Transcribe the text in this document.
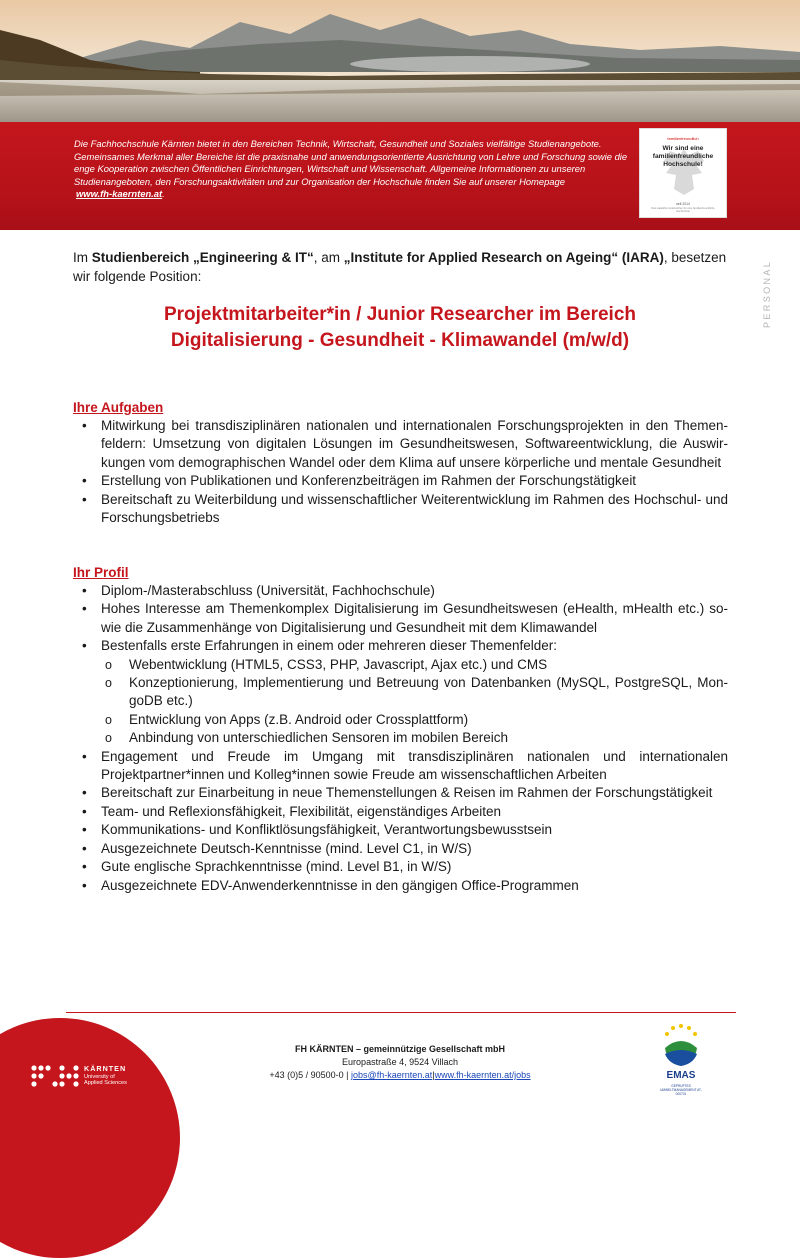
Die Fachhochschule Kärnten bietet in den Bereichen Technik, Wirtschaft, Gesundheit und Soziales vielfältige Studienangebote. Gemeinsames Merkmal aller Bereiche ist die praxisnahe und anwendungsorientierte Ausrichtung von Lehre und Forschung sowie die enge Kooperation zwischen Öffentlichen Einrichtungen, Wirtschaft und Wissenschaft. Allgemeine Informationen zu unseren Studienangeboten, den Forschungsaktivitäten und zur Organisation der Hochschule finden Sie auf unserer Homepage
www.fh-kaernten.at.
familienfreundlich
Wir sind eine
familienfreundliche
Hochschule!
seit 2014
Das staatliche Gütezeichen für eine familienfreundliche Hochschule
PERSONAL
Im Studienbereich „Engineering & IT“, am „Institute for Applied Research on Ageing“ (IARA), besetzen wir folgende Position:
Projektmitarbeiter*in / Junior Researcher im Bereich
Digitalisierung - Gesundheit - Klimawandel (m/w/d)
Ihre Aufgaben
• Mitwirkung bei transdisziplinären nationalen und internationalen Forschungsprojekten in den Themen-feldern: Umsetzung von digitalen Lösungen im Gesundheitswesen, Softwareentwicklung, die Auswir-kungen vom demographischen Wandel oder dem Klima auf unsere körperliche und mentale Gesundheit
• Erstellung von Publikationen und Konferenzbeiträgen im Rahmen der Forschungstätigkeit
• Bereitschaft zu Weiterbildung und wissenschaftlicher Weiterentwicklung im Rahmen des Hochschul- und Forschungsbetriebs
Ihr Profil
• Diplom-/Masterabschluss (Universität, Fachhochschule)
• Hohes Interesse am Themenkomplex Digitalisierung im Gesundheitswesen (eHealth, mHealth etc.) so-wie die Zusammenhänge von Digitalisierung und Gesundheit mit dem Klimawandel
• Bestenfalls erste Erfahrungen in einem oder mehreren dieser Themenfelder:
o Webentwicklung (HTML5, CSS3, PHP, Javascript, Ajax etc.) und CMS
o Konzeptionierung, Implementierung und Betreuung von Datenbanken (MySQL, PostgreSQL, Mon-goDB etc.)
o Entwicklung von Apps (z.B. Android oder Crossplattform)
o Anbindung von unterschiedlichen Sensoren im mobilen Bereich
• Engagement und Freude im Umgang mit transdisziplinären nationalen und internationalen Projektpartner*innen und Kolleg*innen sowie Freude am wissenschaftlichen Arbeiten
• Bereitschaft zur Einarbeitung in neue Themenstellungen & Reisen im Rahmen der Forschungstätigkeit
• Team- und Reflexionsfähigkeit, Flexibilität, eigenständiges Arbeiten
• Kommunikations- und Konfliktlösungsfähigkeit, Verantwortungsbewusstsein
• Ausgezeichnete Deutsch-Kenntnisse (mind. Level C1, in W/S)
• Gute englische Sprachkenntnisse (mind. Level B1, in W/S)
• Ausgezeichnete EDV-Anwenderkenntnisse in den gängigen Office-Programmen
KÄRNTEN
University of
Applied Sciences
FH KÄRNTEN – gemeinnützige Gesellschaft mbH
Europastraße 4, 9524 Villach
+43 (0)5 / 90500-0 | jobs@fh-kaernten.at|www.fh-kaernten.at/jobs	EMAS
GEPRÜFTES UMWELTMANAGEMENT AT-000731
